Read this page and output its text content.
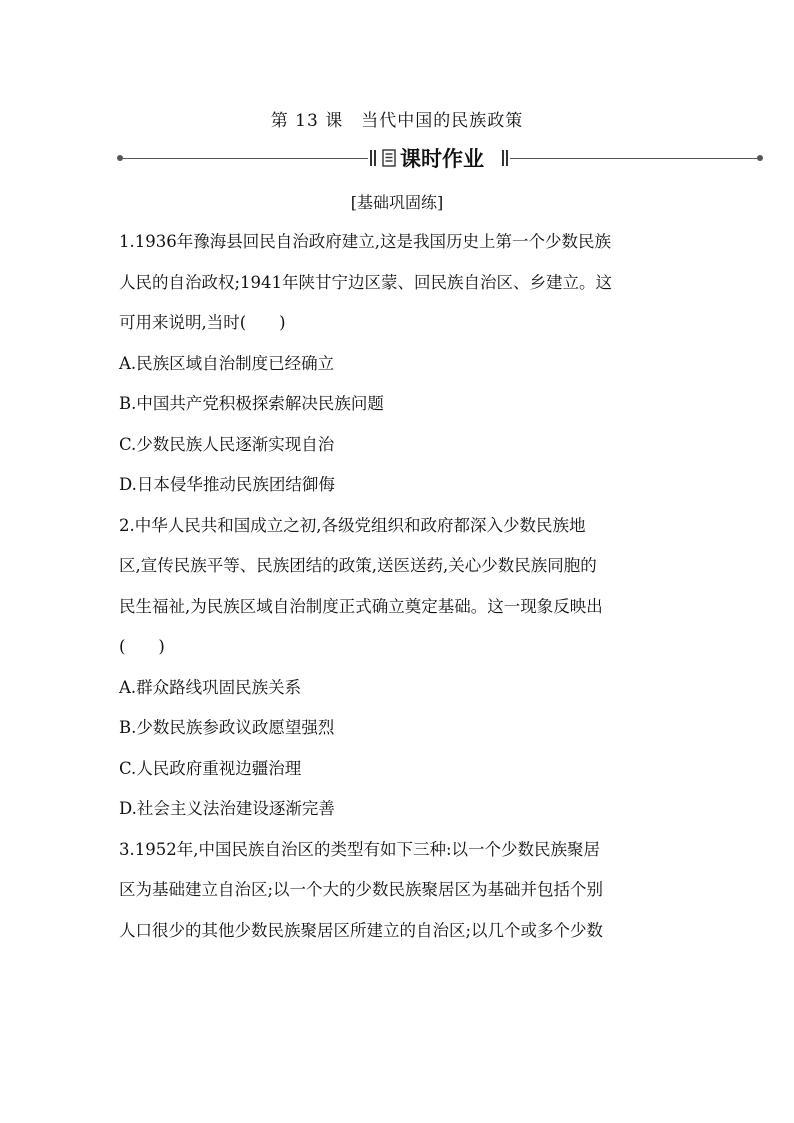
第 13 课　当代中国的民族政策
课时作业
[基础巩固练]

1.1936年豫海县回民自治政府建立,这是我国历史上第一个少数民族

人民的自治政权;1941年陕甘宁边区蒙、回民族自治区、乡建立。这

可用来说明,当时(　　)

A.民族区域自治制度已经确立

B.中国共产党积极探索解决民族问题

C.少数民族人民逐渐实现自治

D.日本侵华推动民族团结御侮

2.中华人民共和国成立之初,各级党组织和政府都深入少数民族地

区,宣传民族平等、民族团结的政策,送医送药,关心少数民族同胞的

民生福祉,为民族区域自治制度正式确立奠定基础。这一现象反映出

(　　)

A.群众路线巩固民族关系

B.少数民族参政议政愿望强烈

C.人民政府重视边疆治理

D.社会主义法治建设逐渐完善

3.1952年,中国民族自治区的类型有如下三种:以一个少数民族聚居

区为基础建立自治区;以一个大的少数民族聚居区为基础并包括个别

人口很少的其他少数民族聚居区所建立的自治区;以几个或多个少数
